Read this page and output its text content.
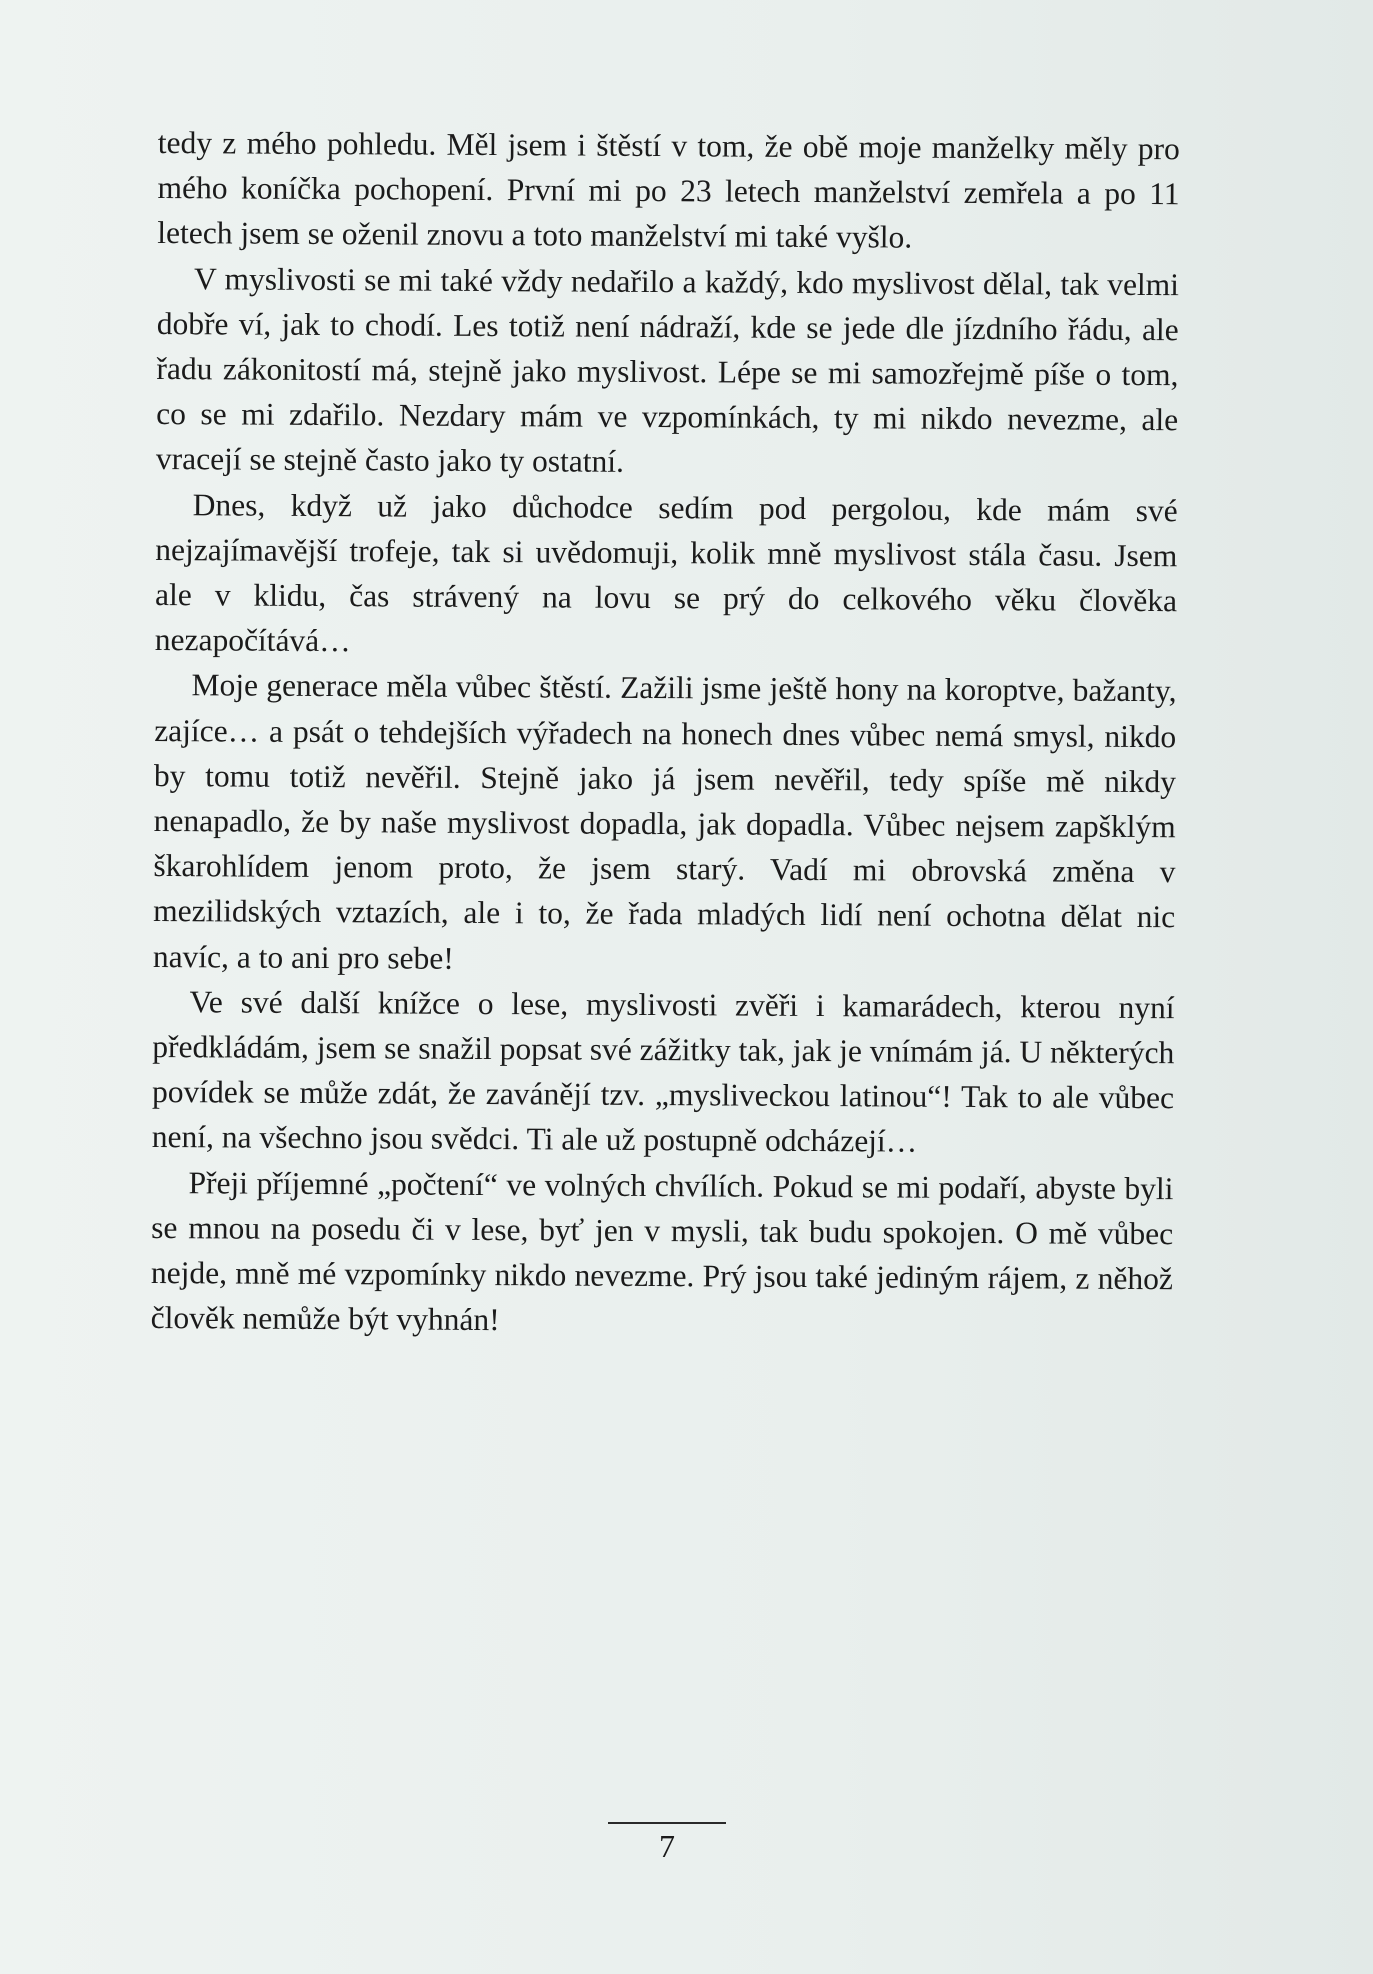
tedy z mého pohledu. Měl jsem i štěstí v tom, že obě moje manželky měly pro mého koníčka pochopení. První mi po 23 letech manželství zemřela a po 11 letech jsem se oženil znovu a toto manželství mi také vyšlo.

V myslivosti se mi také vždy nedařilo a každý, kdo myslivost dělal, tak velmi dobře ví, jak to chodí. Les totiž není nádraží, kde se jede dle jízdního řádu, ale řadu zákonitostí má, stejně jako myslivost. Lépe se mi samozřejmě píše o tom, co se mi zdařilo. Nezdary mám ve vzpomínkách, ty mi nikdo nevezme, ale vracejí se stejně často jako ty ostatní.

Dnes, když už jako důchodce sedím pod pergolou, kde mám své nejzajímavější trofeje, tak si uvědomuji, kolik mně myslivost stála času. Jsem ale v klidu, čas strávený na lovu se prý do celkového věku člověka nezapočítává…

Moje generace měla vůbec štěstí. Zažili jsme ještě hony na koroptve, bažanty, zajíce… a psát o tehdejších výřadech na honech dnes vůbec nemá smysl, nikdo by tomu totiž nevěřil. Stejně jako já jsem nevěřil, tedy spíše mě nikdy nenapadlo, že by naše myslivost dopadla, jak dopadla. Vůbec nejsem zapšklým škarohlídem jenom proto, že jsem starý. Vadí mi obrovská změna v mezilidských vztazích, ale i to, že řada mladých lidí není ochotna dělat nic navíc, a to ani pro sebe!

Ve své další knížce o lese, myslivosti zvěři i kamarádech, kterou nyní předkládám, jsem se snažil popsat své zážitky tak, jak je vnímám já. U některých povídek se může zdát, že zavánějí tzv. „mysliveckou latinou“! Tak to ale vůbec není, na všechno jsou svědci. Ti ale už postupně odcházejí…

Přeji příjemné „počtení“ ve volných chvílích. Pokud se mi podaří, abyste byli se mnou na posedu či v lese, byť jen v mysli, tak budu spokojen. O mě vůbec nejde, mně mé vzpomínky nikdo nevezme. Prý jsou také jediným rájem, z něhož člověk nemůže být vyhnán!

7
